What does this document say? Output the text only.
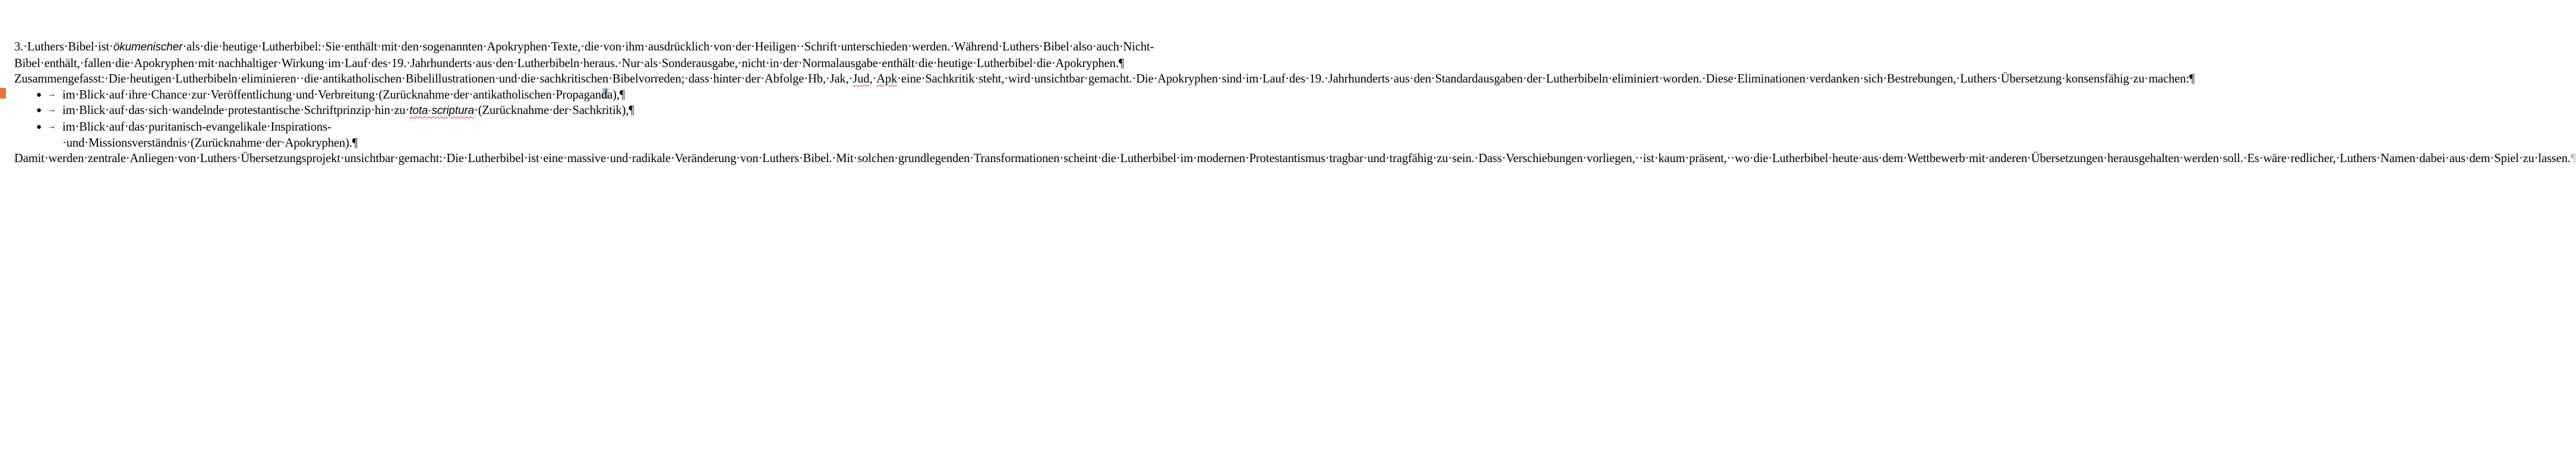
3.·Luthers·Bibel·ist·ökumenischer·als·die·heutige·Lutherbibel:·Sie·enthält·mit·den·sogenannten·Apokryphen·Texte,·die·von·ihm·ausdrücklich·von·der·Heiligen··Schrift·unterschieden·werden.·Während·Luthers·Bibel·also·auch·Nicht-Bibel·enthält,·fallen·die·Apokryphen·mit·nachhaltiger·Wirkung·im·Lauf·des·19.·Jahrhunderts·aus·den·Lutherbibeln·heraus.·Nur·als·Sonderausgabe,·nicht·in·der·Normalausgabe·enthält·die·heutige·Lutherbibel·die·Apokryphen.¶

Zusammengefasst:·Die·heutigen·Lutherbibeln·eliminieren··die·antikatholischen·Bibelillustrationen·und·die·sachkritischen·Bibelvorreden;·dass·hinter·der·Abfolge·Hb,·Jak,·Jud,·Apk·eine·Sachkritik·steht,·wird·unsichtbar·gemacht.·Die·Apokryphen·sind·im·Lauf·des·19.·Jahrhunderts·aus·den·Standardausgaben·der·Lutherbibeln·eliminiert·worden.·Diese·Eliminationen·verdanken·sich·Bestrebungen,·Luthers·Übersetzung·konsensfähig·zu·machen:¶

● → im·Blick·auf·ihre·Chance·zur·Veröffentlichung·und·Verbreitung·(Zurücknahme·der·antikatholischen·Propaganda),¶
● → im·Blick·auf·das·sich·wandelnde·protestantische·Schriftprinzip·hin·zu·tota·scriptura·(Zurücknahme·der·Sachkritik),¶
● → im·Blick·auf·das·puritanisch-evangelikale·Inspirations-·und·Missionsverständnis·(Zurücknahme·der·Apokryphen).¶

Damit·werden·zentrale·Anliegen·von·Luthers·Übersetzungsprojekt·unsichtbar·gemacht:·Die·Lutherbibel·ist·eine·massive·und·radikale·Veränderung·von·Luthers·Bibel.·Mit·solchen·grundlegenden·Transformationen·scheint·die·Lutherbibel·im·modernen·Protestantismus·tragbar·und·tragfähig·zu·sein.·Dass·Verschiebungen·vorliegen,··ist·kaum·präsent,··wo·die·Lutherbibel·heute·aus·dem·Wettbewerb·mit·anderen·Übersetzungen·herausgehalten·werden·soll.·Es·wäre·redlicher,·Luthers·Namen·dabei·aus·dem·Spiel·zu·lassen.¶
